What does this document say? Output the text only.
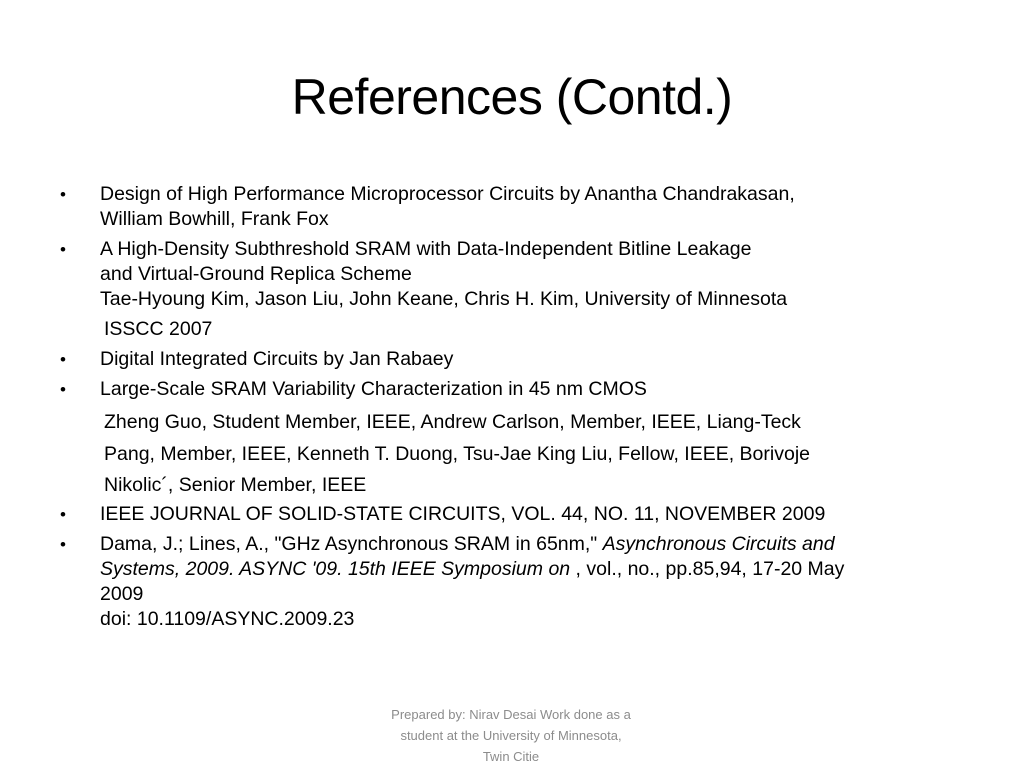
References (Contd.)
• Design of High Performance Microprocessor Circuits by Anantha Chandrakasan,
William Bowhill, Frank Fox
• A High-Density Subthreshold SRAM with Data-Independent Bitline Leakage
and Virtual-Ground Replica Scheme
Tae-Hyoung Kim, Jason Liu, John Keane, Chris H. Kim, University of Minnesota
ISSCC 2007
• Digital Integrated Circuits by Jan Rabaey
• Large-Scale SRAM Variability Characterization in 45 nm CMOS
Zheng Guo, Student Member, IEEE, Andrew Carlson, Member, IEEE, Liang-Teck
Pang, Member, IEEE, Kenneth T. Duong, Tsu-Jae King Liu, Fellow, IEEE, Borivoje
Nikolic´, Senior Member, IEEE
• IEEE JOURNAL OF SOLID-STATE CIRCUITS, VOL. 44, NO. 11, NOVEMBER 2009
• Dama, J.; Lines, A., "GHz Asynchronous SRAM in 65nm," Asynchronous Circuits and
Systems, 2009. ASYNC '09. 15th IEEE Symposium on , vol., no., pp.85,94, 17-20 May
2009
doi: 10.1109/ASYNC.2009.23
Prepared by: Nirav Desai Work done as a
student at the University of Minnesota,
Twin Citie
